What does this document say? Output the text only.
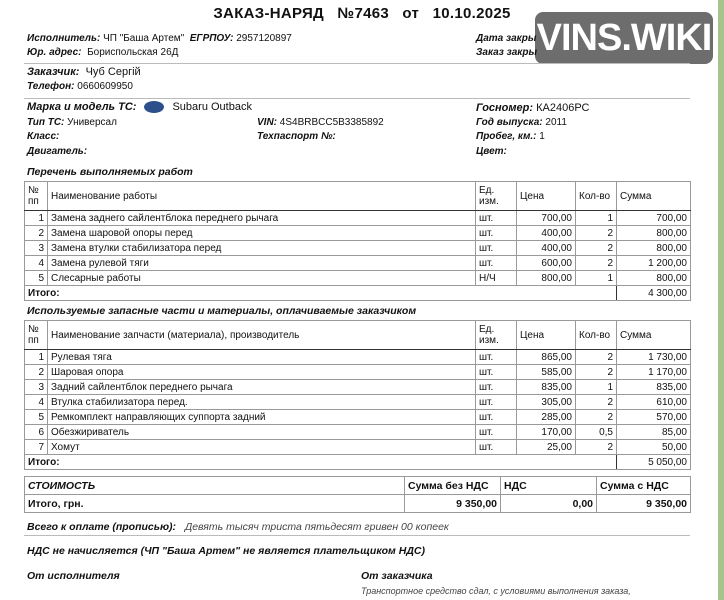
ЗАКАЗ-НАРЯД   №7463   от   10.10.2025
VINS.WIKI
Исполнитель: ЧП "Баша Артем" ЕГРПОУ: 2957120897
Юр. адрес: Бориспольская 26Д
Дата закры
Заказ закры
Заказчик: Чуб Сергій
Телефон: 0660609950
Марка и модель ТС:	Subaru Outback	Госномер: КА2406РС
Тип ТС: Универсал	VIN: 4S4BRBCC5B3385892	Год выпуска: 2011
Класс:	Техпаспорт №:	Пробег, км.: 1
Двигатель:	Цвет:
Перечень выполняемых работ
№ пп	Наименование работы	Ед. изм.	Цена	Кол-во	Сумма
1	Замена заднего сайлентблока переднего рычага	шт.	700,00	1	700,00
2	Замена шаровой опоры перед	шт.	400,00	2	800,00
3	Замена втулки стабилизатора перед	шт.	400,00	2	800,00
4	Замена рулевой тяги	шт.	600,00	2	1 200,00
5	Слесарные работы	Н/Ч	800,00	1	800,00
Итого:					4 300,00
Используемые запасные части и материалы, оплачиваемые заказчиком
№ пп	Наименование запчасти (материала), производитель	Ед. изм.	Цена	Кол-во	Сумма
1	Рулевая тяга	шт.	865,00	2	1 730,00
2	Шаровая опора	шт.	585,00	2	1 170,00
3	Задний сайлентблок переднего рычага	шт.	835,00	1	835,00
4	Втулка стабилизатора перед.	шт.	305,00	2	610,00
5	Ремкомплект направляющих суппорта задний	шт.	285,00	2	570,00
6	Обезжириватель	шт.	170,00	0,5	85,00
7	Хомут	шт.	25,00	2	50,00
Итого:					5 050,00
СТОИМОСТЬ	Сумма без НДС	НДС	Сумма с НДС
Итого, грн.	9 350,00	0,00	9 350,00
Всего к оплате (прописью): Девять тысяч триста пятьдесят гривен 00 копеек
НДС не начисляется (ЧП "Баша Артем" не является плательщиком НДС)
От исполнителя	От заказчика
Транспортное средство сдал, с условиями выполнения заказа,
